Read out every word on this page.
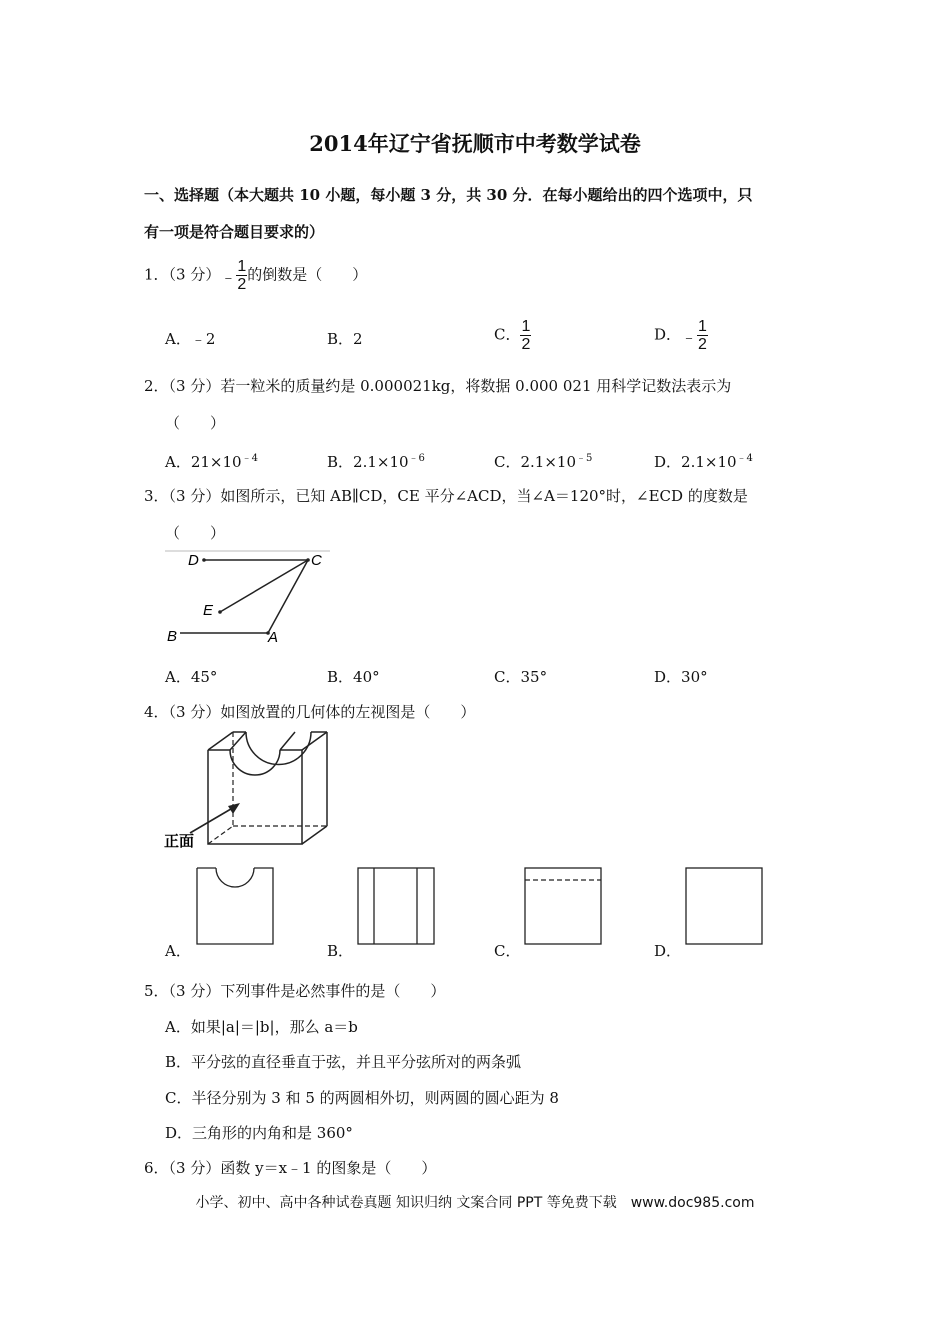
2014年辽宁省抚顺市中考数学试卷
一、选择题（本大题共 10 小题，每小题 3 分，共 30 分．在每小题给出的四个选项中，只
有一项是符合题目要求的）
1．（3 分）﹣ $\frac{1}{2}$ 的倒数是（　　）
A．﹣2	B．2	C． $\frac{1}{2}$	D．﹣ $\frac{1}{2}$
2．（3 分）若一粒米的质量约是 0.000021kg，将数据 0.000 021 用科学记数法表示为
（　　）
A．$21\times 10^{﹣4}$	B．$2.1\times 10^{﹣6}$	C．$2.1\times 10^{﹣5}$	D．$2.1\times 10^{﹣4}$
3．（3 分）如图所示，已知 AB∥CD，CE 平分∠ACD，当∠A＝120°时，∠ECD 的度数是
（　　）
D	C
E
B	A
A．45°	B．40°	C．35°	D．30°
4．（3 分）如图放置的几何体的左视图是（　　）
正面
A．	B．	C．	D．
5．（3 分）下列事件是必然事件的是（　　）
A．如果|a|＝|b|，那么 a＝b
B．平分弦的直径垂直于弦，并且平分弦所对的两条弧
C．半径分别为 3 和 5 的两圆相外切，则两圆的圆心距为 8
D．三角形的内角和是 360°
6．（3 分）函数 y＝x﹣1 的图象是（　　）
小学、初中、高中各种试卷真题 知识归纳 文案合同 PPT 等免费下载　www.doc985.com
